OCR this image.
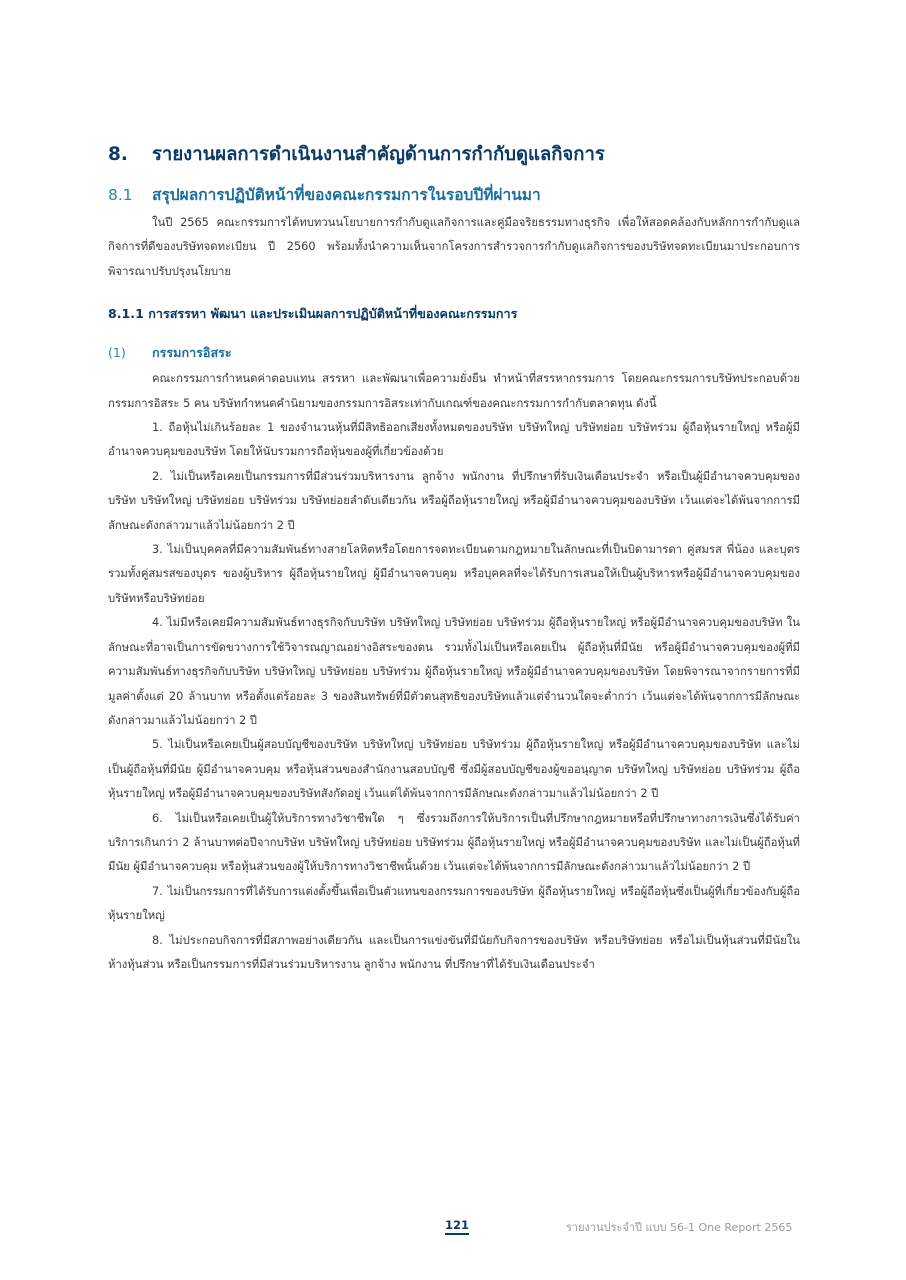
8.	รายงานผลการดำเนินงานสำคัญด้านการกำกับดูแลกิจการ
8.1	สรุปผลการปฏิบัติหน้าที่ของคณะกรรมการในรอบปีที่ผ่านมา

ในปี 2565 คณะกรรมการได้ทบทวนนโยบายการกำกับดูแลกิจการและคู่มือจริยธรรมทางธุรกิจ เพื่อให้สอดคล้องกับหลักการกำกับดูแลกิจการที่ดีของบริษัทจดทะเบียน ปี 2560 พร้อมทั้งนำความเห็นจากโครงการสำรวจการกำกับดูแลกิจการของบริษัทจดทะเบียนมาประกอบการพิจารณาปรับปรุงนโยบาย

8.1.1 การสรรหา พัฒนา และประเมินผลการปฏิบัติหน้าที่ของคณะกรรมการ
(1)	กรรมการอิสระ

คณะกรรมการกำหนดค่าตอบแทน สรรหา และพัฒนาเพื่อความยั่งยืน ทำหน้าที่สรรหากรรมการ โดยคณะกรรมการบริษัทประกอบด้วยกรรมการอิสระ 5 คน บริษัทกำหนดคำนิยามของกรรมการอิสระเท่ากับเกณฑ์ของคณะกรรมการกำกับตลาดทุน ดังนี้

1. ถือหุ้นไม่เกินร้อยละ 1 ของจำนวนหุ้นที่มีสิทธิออกเสียงทั้งหมดของบริษัท บริษัทใหญ่ บริษัทย่อย บริษัทร่วม ผู้ถือหุ้นรายใหญ่ หรือผู้มีอำนาจควบคุมของบริษัท โดยให้นับรวมการถือหุ้นของผู้ที่เกี่ยวข้องด้วย

2. ไม่เป็นหรือเคยเป็นกรรมการที่มีส่วนร่วมบริหารงาน ลูกจ้าง พนักงาน ที่ปรึกษาที่รับเงินเดือนประจำ หรือเป็นผู้มีอำนาจควบคุมของบริษัท บริษัทใหญ่ บริษัทย่อย บริษัทร่วม บริษัทย่อยลำดับเดียวกัน หรือผู้ถือหุ้นรายใหญ่ หรือผู้มีอำนาจควบคุมของบริษัท เว้นแต่จะได้พ้นจากการมีลักษณะดังกล่าวมาแล้วไม่น้อยกว่า 2 ปี

3. ไม่เป็นบุคคลที่มีความสัมพันธ์ทางสายโลหิตหรือโดยการจดทะเบียนตามกฎหมายในลักษณะที่เป็นบิดามารดา คู่สมรส พี่น้อง และบุตร รวมทั้งคู่สมรสของบุตร ของผู้บริหาร ผู้ถือหุ้นรายใหญ่ ผู้มีอำนาจควบคุม หรือบุคคลที่จะได้รับการเสนอให้เป็นผู้บริหารหรือผู้มีอำนาจควบคุมของบริษัทหรือบริษัทย่อย

4. ไม่มีหรือเคยมีความสัมพันธ์ทางธุรกิจกับบริษัท บริษัทใหญ่ บริษัทย่อย บริษัทร่วม ผู้ถือหุ้นรายใหญ่ หรือผู้มีอำนาจควบคุมของบริษัท ในลักษณะที่อาจเป็นการขัดขวางการใช้วิจารณญาณอย่างอิสระของตน รวมทั้งไม่เป็นหรือเคยเป็น ผู้ถือหุ้นที่มีนัย หรือผู้มีอำนาจควบคุมของผู้ที่มีความสัมพันธ์ทางธุรกิจกับบริษัท บริษัทใหญ่ บริษัทย่อย บริษัทร่วม ผู้ถือหุ้นรายใหญ่ หรือผู้มีอำนาจควบคุมของบริษัท โดยพิจารณาจากรายการที่มีมูลค่าตั้งแต่ 20 ล้านบาท หรือตั้งแต่ร้อยละ 3 ของสินทรัพย์ที่มีตัวตนสุทธิของบริษัทแล้วแต่จำนวนใดจะต่ำกว่า เว้นแต่จะได้พ้นจากการมีลักษณะดังกล่าวมาแล้วไม่น้อยกว่า 2 ปี

5. ไม่เป็นหรือเคยเป็นผู้สอบบัญชีของบริษัท บริษัทใหญ่ บริษัทย่อย บริษัทร่วม ผู้ถือหุ้นรายใหญ่ หรือผู้มีอำนาจควบคุมของบริษัท และไม่เป็นผู้ถือหุ้นที่มีนัย ผู้มีอำนาจควบคุม หรือหุ้นส่วนของสำนักงานสอบบัญชี ซึ่งมีผู้สอบบัญชีของผู้ขออนุญาต บริษัทใหญ่ บริษัทย่อย บริษัทร่วม ผู้ถือหุ้นรายใหญ่ หรือผู้มีอำนาจควบคุมของบริษัทสังกัดอยู่ เว้นแต่ได้พ้นจากการมีลักษณะดังกล่าวมาแล้วไม่น้อยกว่า 2 ปี

6. ไม่เป็นหรือเคยเป็นผู้ให้บริการทางวิชาชีพใด ๆ ซึ่งรวมถึงการให้บริการเป็นที่ปรึกษากฎหมายหรือที่ปรึกษาทางการเงินซึ่งได้รับค่าบริการเกินกว่า 2 ล้านบาทต่อปีจากบริษัท บริษัทใหญ่ บริษัทย่อย บริษัทร่วม ผู้ถือหุ้นรายใหญ่ หรือผู้มีอำนาจควบคุมของบริษัท และไม่เป็นผู้ถือหุ้นที่มีนัย ผู้มีอำนาจควบคุม หรือหุ้นส่วนของผู้ให้บริการทางวิชาชีพนั้นด้วย เว้นแต่จะได้พ้นจากการมีลักษณะดังกล่าวมาแล้วไม่น้อยกว่า 2 ปี

7. ไม่เป็นกรรมการที่ได้รับการแต่งตั้งขึ้นเพื่อเป็นตัวแทนของกรรมการของบริษัท ผู้ถือหุ้นรายใหญ่ หรือผู้ถือหุ้นซึ่งเป็นผู้ที่เกี่ยวข้องกับผู้ถือหุ้นรายใหญ่

8. ไม่ประกอบกิจการที่มีสภาพอย่างเดียวกัน และเป็นการแข่งขันที่มีนัยกับกิจการของบริษัท หรือบริษัทย่อย หรือไม่เป็นหุ้นส่วนที่มีนัยในห้างหุ้นส่วน หรือเป็นกรรมการที่มีส่วนร่วมบริหารงาน ลูกจ้าง พนักงาน ที่ปรึกษาที่ได้รับเงินเดือนประจำ

121	รายงานประจำปี แบบ 56-1 One Report 2565
